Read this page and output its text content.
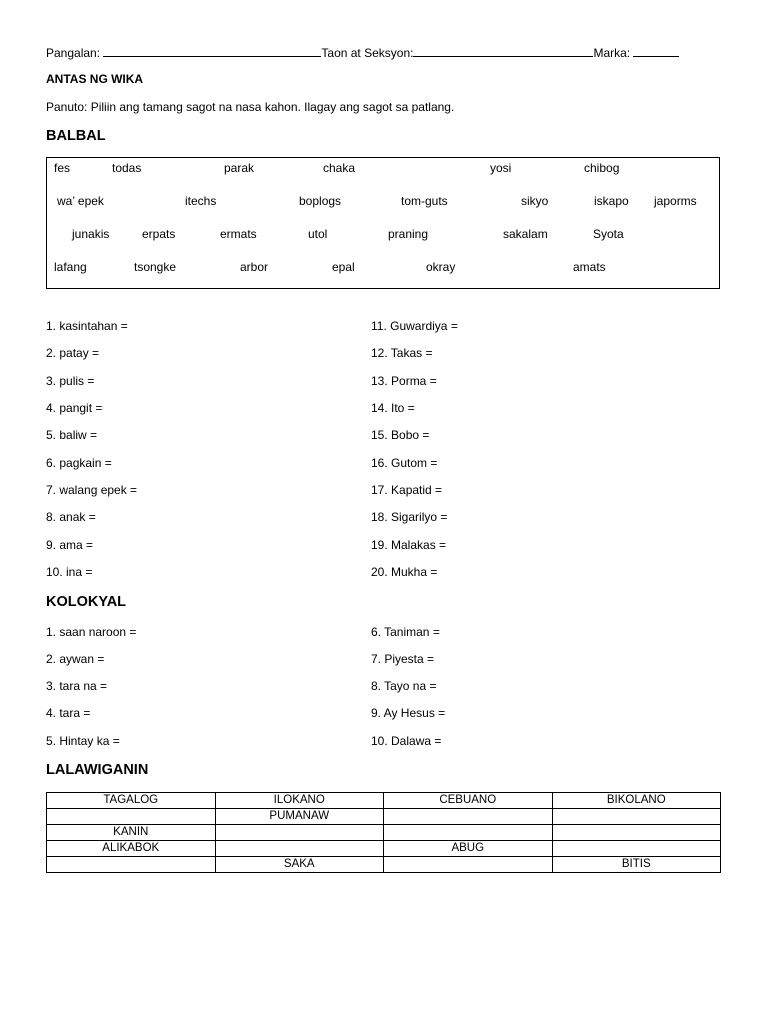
Pangalan:	Taon at Seksyon:	Marka:
ANTAS NG WIKA
Panuto: Piliin ang tamang sagot na nasa kahon. Ilagay ang sagot sa patlang.
BALBAL
fes	todas	parak	chaka	yosi	chibog
wa’ epek	itechs	boplogs	tom-guts	sikyo	iskapo japorms
junakis	erpats	ermats	utol	praning	sakalam	Syota
lafang	tsongke	arbor	epal	okray	amats
1. kasintahan =
2. patay =
3. pulis =
4. pangit =
5. baliw =
6. pagkain =
7. walang epek =
8. anak =
9. ama =
10. ina =
11. Guwardiya =
12. Takas =
13. Porma =
14. Ito =
15. Bobo =
16. Gutom =
17. Kapatid =
18. Sigarilyo =
19. Malakas =
20. Mukha =
KOLOKYAL
1. saan naroon =
2. aywan =
3. tara na =
4. tara =
5. Hintay ka =
6. Taniman =
7. Piyesta =
8. Tayo na =
9. Ay Hesus =
10. Dalawa =
LALAWIGANIN
TAGALOG	ILOKANO	CEBUANO	BIKOLANO
	PUMANAW		
KANIN			
ALIKABOK		ABUG	
	SAKA		BITIS
